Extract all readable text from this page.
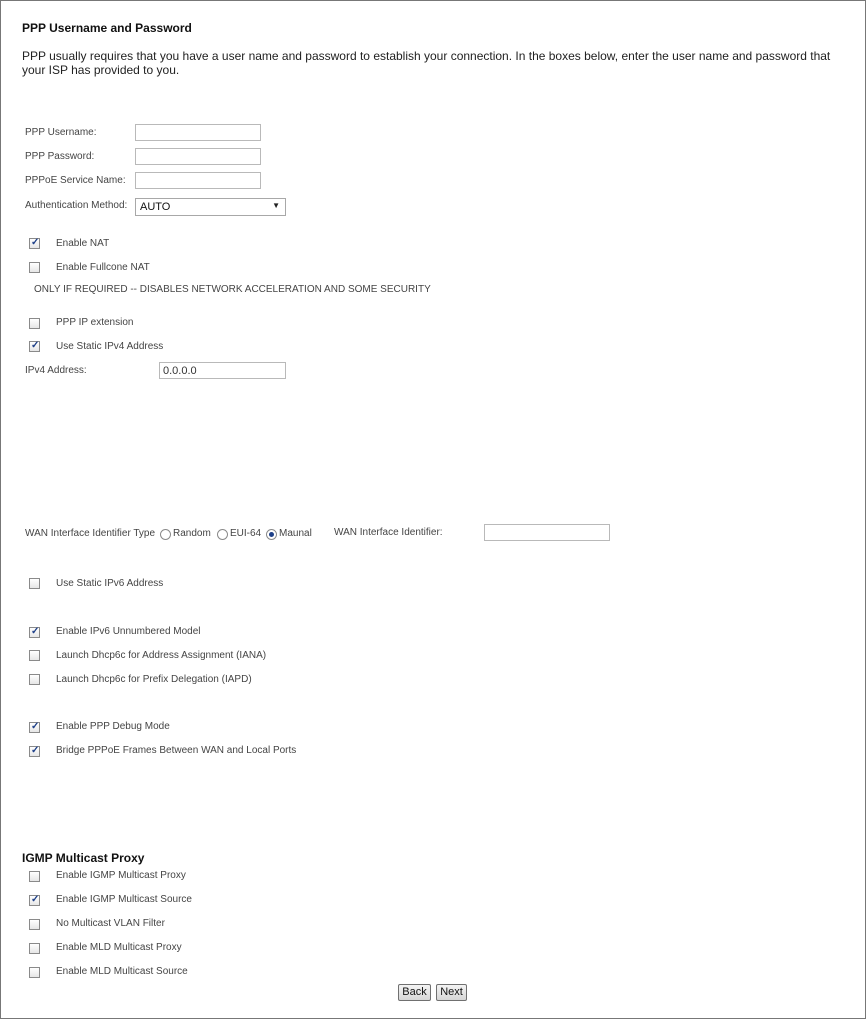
PPP Username and Password
PPP usually requires that you have a user name and password to establish your connection. In the boxes below, enter the user name and password that your ISP has provided to you.
PPP Username:
PPP Password:
PPPoE Service Name:
Authentication Method:	AUTO	▼
✓ Enable NAT
Enable Fullcone NAT
ONLY IF REQUIRED -- DISABLES NETWORK ACCELERATION AND SOME SECURITY
PPP IP extension
✓ Use Static IPv4 Address
IPv4 Address:
0.0.0.0
WAN Interface Identifier Type Random EUI-64 Maunal WAN Interface Identifier:
Use Static IPv6 Address
✓ Enable IPv6 Unnumbered Model
Launch Dhcp6c for Address Assignment (IANA)
Launch Dhcp6c for Prefix Delegation (IAPD)
✓ Enable PPP Debug Mode
✓ Bridge PPPoE Frames Between WAN and Local Ports
IGMP Multicast Proxy
Enable IGMP Multicast Proxy
✓ Enable IGMP Multicast Source
No Multicast VLAN Filter
Enable MLD Multicast Proxy
Enable MLD Multicast Source
Back	Next
